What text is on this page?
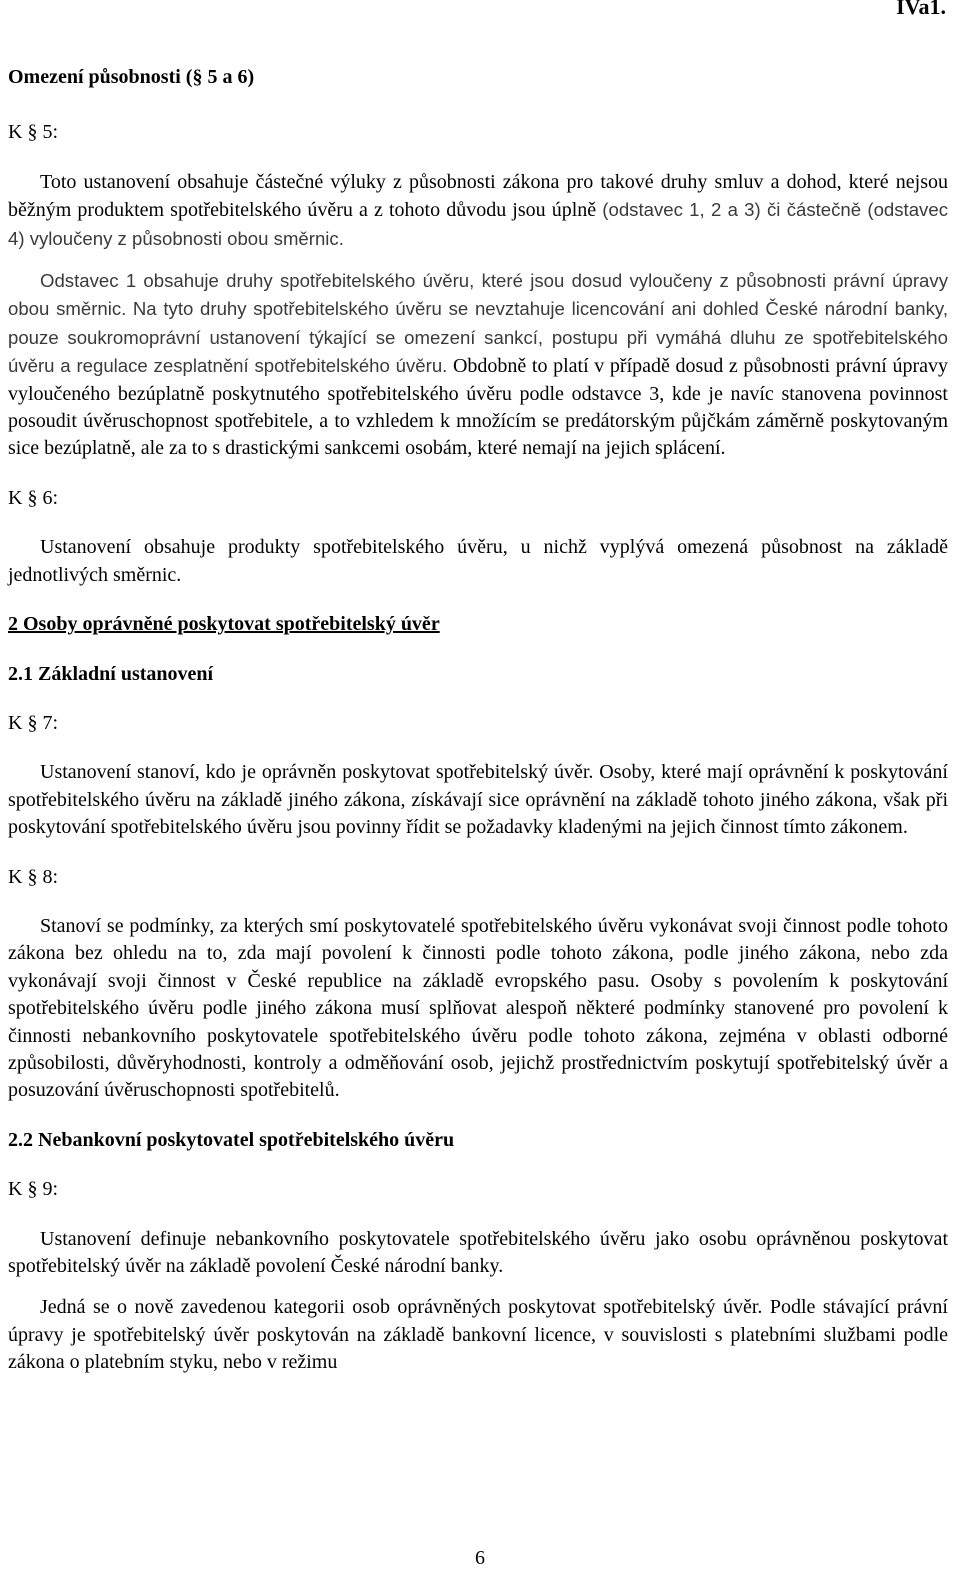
IVa1.
Omezení působnosti (§ 5 a 6)
K § 5:

Toto ustanovení obsahuje částečné výluky z působnosti zákona pro takové druhy smluv a dohod, které nejsou běžným produktem spotřebitelského úvěru a z tohoto důvodu jsou úplně (odstavec 1, 2 a 3) či částečně (odstavec 4) vyloučeny z působnosti obou směrnic.

Odstavec 1 obsahuje druhy spotřebitelského úvěru, které jsou dosud vyloučeny z působnosti právní úpravy obou směrnic. Na tyto druhy spotřebitelského úvěru se nevztahuje licencování ani dohled České národní banky, pouze soukromoprávní ustanovení týkající se omezení sankcí, postupu při vymáhá dluhu ze spotřebitelského úvěru a regulace zesplatnění spotřebitelského úvěru. Obdobně to platí v případě dosud z působnosti právní úpravy vyloučeného bezúplatně poskytnutého spotřebitelského úvěru podle odstavce 3, kde je navíc stanovena povinnost posoudit úvěruschopnost spotřebitele, a to vzhledem k množícím se predátorským půjčkám záměrně poskytovaným sice bezúplatně, ale za to s drastickými sankcemi osobám, které nemají na jejich splácení.

K § 6:

Ustanovení obsahuje produkty spotřebitelského úvěru, u nichž vyplývá omezená působnost na základě jednotlivých směrnic.

2 Osoby oprávněné poskytovat spotřebitelský úvěr
2.1 Základní ustanovení
K § 7:

Ustanovení stanoví, kdo je oprávněn poskytovat spotřebitelský úvěr. Osoby, které mají oprávnění k poskytování spotřebitelského úvěru na základě jiného zákona, získávají sice oprávnění na základě tohoto jiného zákona, však při poskytování spotřebitelského úvěru jsou povinny řídit se požadavky kladenými na jejich činnost tímto zákonem.

K § 8:

Stanoví se podmínky, za kterých smí poskytovatelé spotřebitelského úvěru vykonávat svoji činnost podle tohoto zákona bez ohledu na to, zda mají povolení k činnosti podle tohoto zákona, podle jiného zákona, nebo zda vykonávají svoji činnost v České republice na základě evropského pasu. Osoby s povolením k poskytování spotřebitelského úvěru podle jiného zákona musí splňovat alespoň některé podmínky stanovené pro povolení k činnosti nebankovního poskytovatele spotřebitelského úvěru podle tohoto zákona, zejména v oblasti odborné způsobilosti, důvěryhodnosti, kontroly a odměňování osob, jejichž prostřednictvím poskytují spotřebitelský úvěr a posuzování úvěruschopnosti spotřebitelů.

2.2 Nebankovní poskytovatel spotřebitelského úvěru
K § 9:

Ustanovení definuje nebankovního poskytovatele spotřebitelského úvěru jako osobu oprávněnou poskytovat spotřebitelský úvěr na základě povolení České národní banky.

Jedná se o nově zavedenou kategorii osob oprávněných poskytovat spotřebitelský úvěr. Podle stávající právní úpravy je spotřebitelský úvěr poskytován na základě bankovní licence, v souvislosti s platebními službami podle zákona o platebním styku, nebo v režimu

6
